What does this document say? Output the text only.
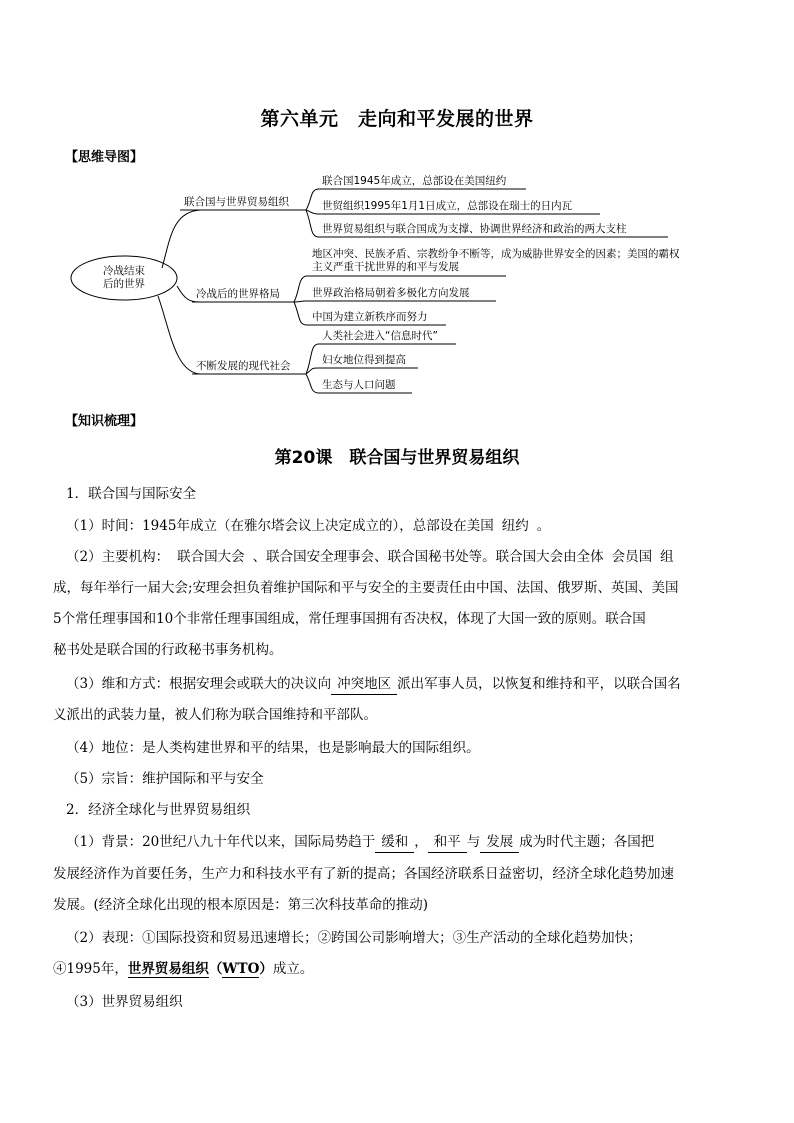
第六单元　走向和平发展的世界
【思维导图】
冷战结束
后的世界
联合国与世界贸易组织
联合国1945年成立，总部设在美国纽约
世贸组织1995年1月1日成立，总部设在瑞士的日内瓦
世界贸易组织与联合国成为支撑、协调世界经济和政治的两大支柱
冷战后的世界格局
地区冲突、民族矛盾、宗教纷争不断等，成为威胁世界安全的因素；美国的霸权
主义严重干扰世界的和平与发展
世界政治格局朝着多极化方向发展
中国为建立新秩序而努力
不断发展的现代社会
人类社会进入“信息时代”
妇女地位得到提高
生态与人口问题
【知识梳理】
第20课　联合国与世界贸易组织
1．联合国与国际安全
（1）时间：1945年成立（在雅尔塔会议上决定成立的），总部设在美国 纽约 。
（2）主要机构： 联合国大会 、联合国安全理事会、联合国秘书处等。联合国大会由全体 会员国 组
成，每年举行一届大会;安理会担负着维护国际和平与安全的主要责任由中国、法国、俄罗斯、英国、美国
5个常任理事国和10个非常任理事国组成，常任理事国拥有否决权，体现了大国一致的原则。联合国
秘书处是联合国的行政秘书事务机构。
（3）维和方式：根据安理会或联大的决议向 冲突地区 派出军事人员，以恢复和维持和平，以联合国名
义派出的武装力量，被人们称为联合国维持和平部队。
（4）地位：是人类构建世界和平的结果，也是影响最大的国际组织。
（5）宗旨：维护国际和平与安全
2．经济全球化与世界贸易组织
（1）背景：20世纪八九十年代以来，国际局势趋于 缓和 ， 和平 与 发展 成为时代主题；各国把
发展经济作为首要任务，生产力和科技水平有了新的提高；各国经济联系日益密切，经济全球化趋势加速
发展。(经济全球化出现的根本原因是：第三次科技革命的推动)
（2）表现：①国际投资和贸易迅速增长；②跨国公司影响增大；③生产活动的全球化趋势加快；
④1995年，世界贸易组织（WTO）成立。
（3）世界贸易组织
